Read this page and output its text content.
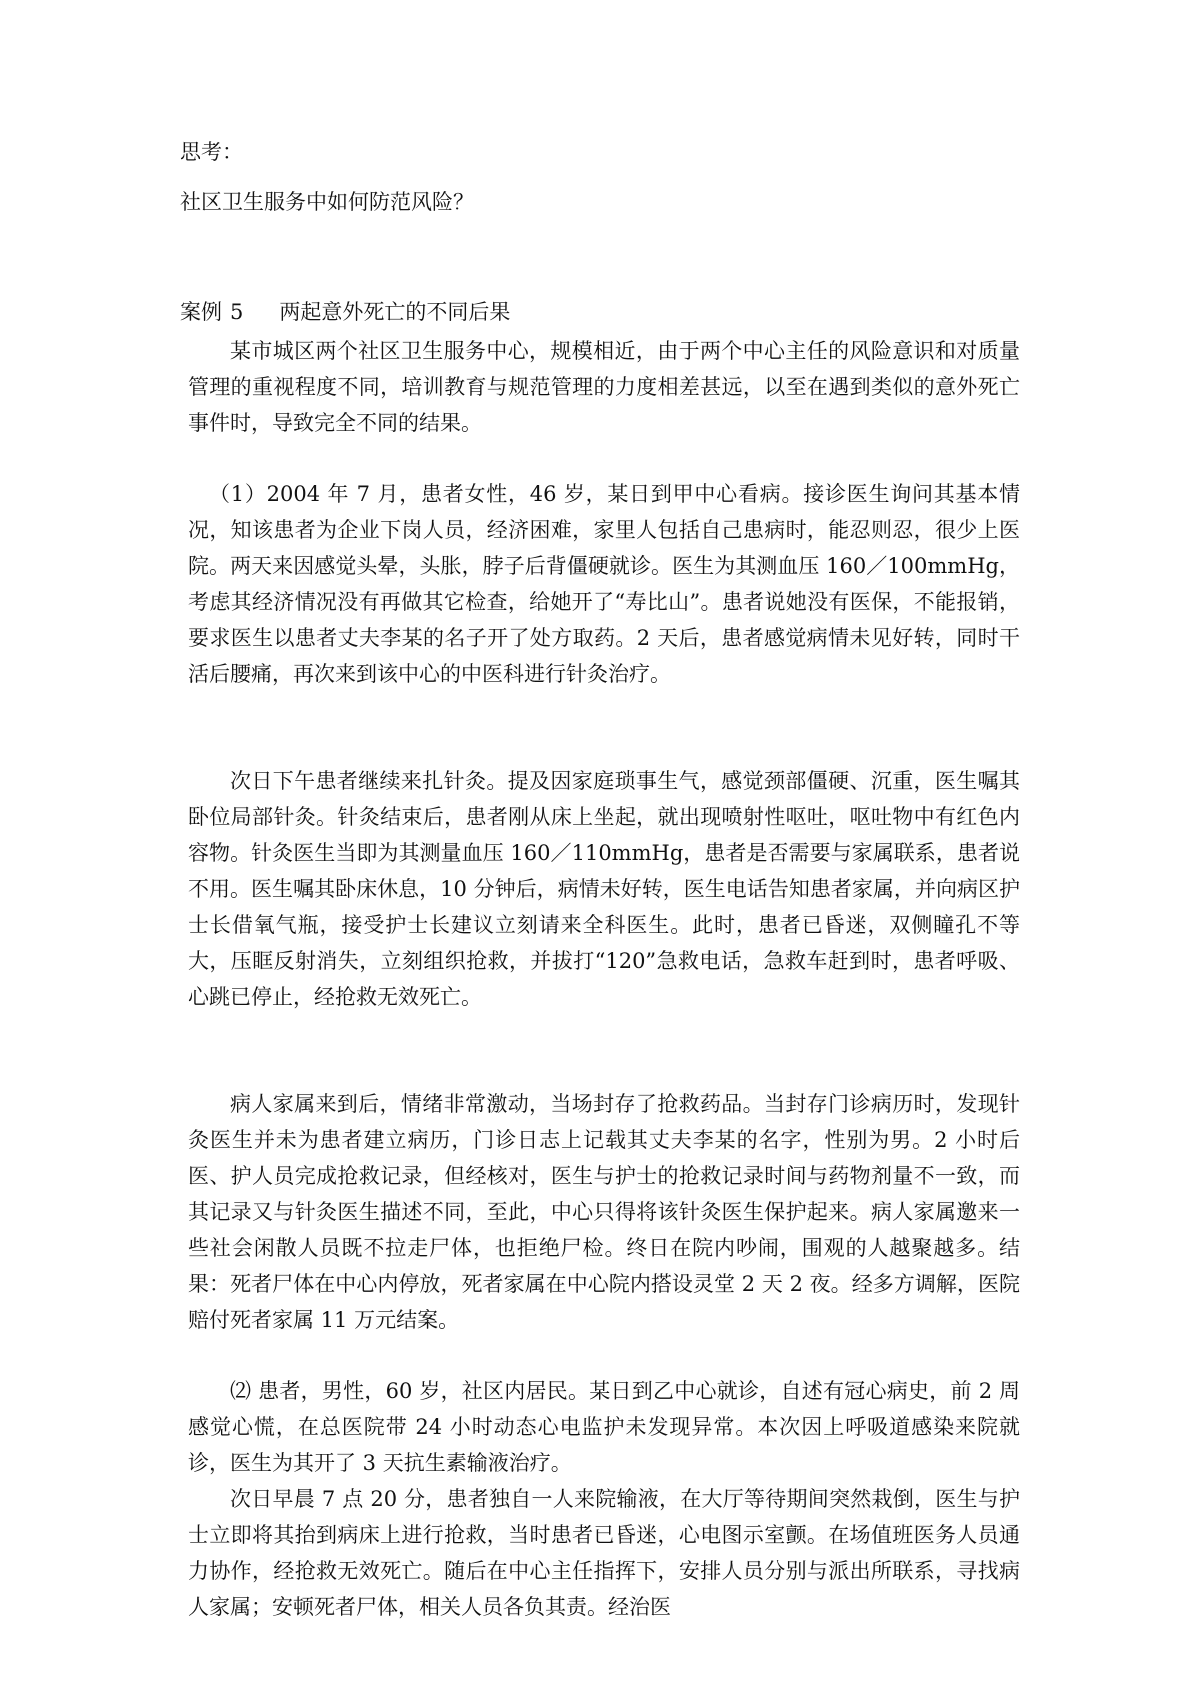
思考：
社区卫生服务中如何防范风险？
案例 5 两起意外死亡的不同后果

某市城区两个社区卫生服务中心，规模相近，由于两个中心主任的风险意识和对质量管理的重视程度不同，培训教育与规范管理的力度相差甚远，以至在遇到类似的意外死亡事件时，导致完全不同的结果。

（1）2004 年 7 月，患者女性，46 岁，某日到甲中心看病。接诊医生询问其基本情况，知该患者为企业下岗人员，经济困难，家里人包括自己患病时，能忍则忍，很少上医院。两天来因感觉头晕，头胀，脖子后背僵硬就诊。医生为其测血压 160／100mmHg，考虑其经济情况没有再做其它检查，给她开了“寿比山”。患者说她没有医保，不能报销，要求医生以患者丈夫李某的名子开了处方取药。2 天后，患者感觉病情未见好转，同时干活后腰痛，再次来到该中心的中医科进行针灸治疗。

次日下午患者继续来扎针灸。提及因家庭琐事生气，感觉颈部僵硬、沉重，医生嘱其卧位局部针灸。针灸结束后，患者刚从床上坐起，就出现喷射性呕吐，呕吐物中有红色内容物。针灸医生当即为其测量血压 160／110mmHg，患者是否需要与家属联系，患者说不用。医生嘱其卧床休息，10 分钟后，病情未好转，医生电话告知患者家属，并向病区护士长借氧气瓶，接受护士长建议立刻请来全科医生。此时，患者已昏迷，双侧瞳孔不等大，压眶反射消失，立刻组织抢救，并拔打“120”急救电话，急救车赶到时，患者呼吸、心跳已停止，经抢救无效死亡。

病人家属来到后，情绪非常激动，当场封存了抢救药品。当封存门诊病历时，发现针灸医生并未为患者建立病历，门诊日志上记载其丈夫李某的名字，性别为男。2 小时后医、护人员完成抢救记录，但经核对，医生与护士的抢救记录时间与药物剂量不一致，而其记录又与针灸医生描述不同，至此，中心只得将该针灸医生保护起来。病人家属邀来一些社会闲散人员既不拉走尸体，也拒绝尸检。终日在院内吵闹，围观的人越聚越多。结果：死者尸体在中心内停放，死者家属在中心院内搭设灵堂 2 天 2 夜。经多方调解，医院赔付死者家属 11 万元结案。

⑵ 患者，男性，60 岁，社区内居民。某日到乙中心就诊，自述有冠心病史，前 2 周感觉心慌，在总医院带 24 小时动态心电监护未发现异常。本次因上呼吸道感染来院就诊，医生为其开了 3 天抗生素输液治疗。

次日早晨 7 点 20 分，患者独自一人来院输液，在大厅等待期间突然栽倒，医生与护士立即将其抬到病床上进行抢救，当时患者已昏迷，心电图示室颤。在场值班医务人员通力协作，经抢救无效死亡。随后在中心主任指挥下，安排人员分别与派出所联系，寻找病人家属；安顿死者尸体，相关人员各负其责。经治医
